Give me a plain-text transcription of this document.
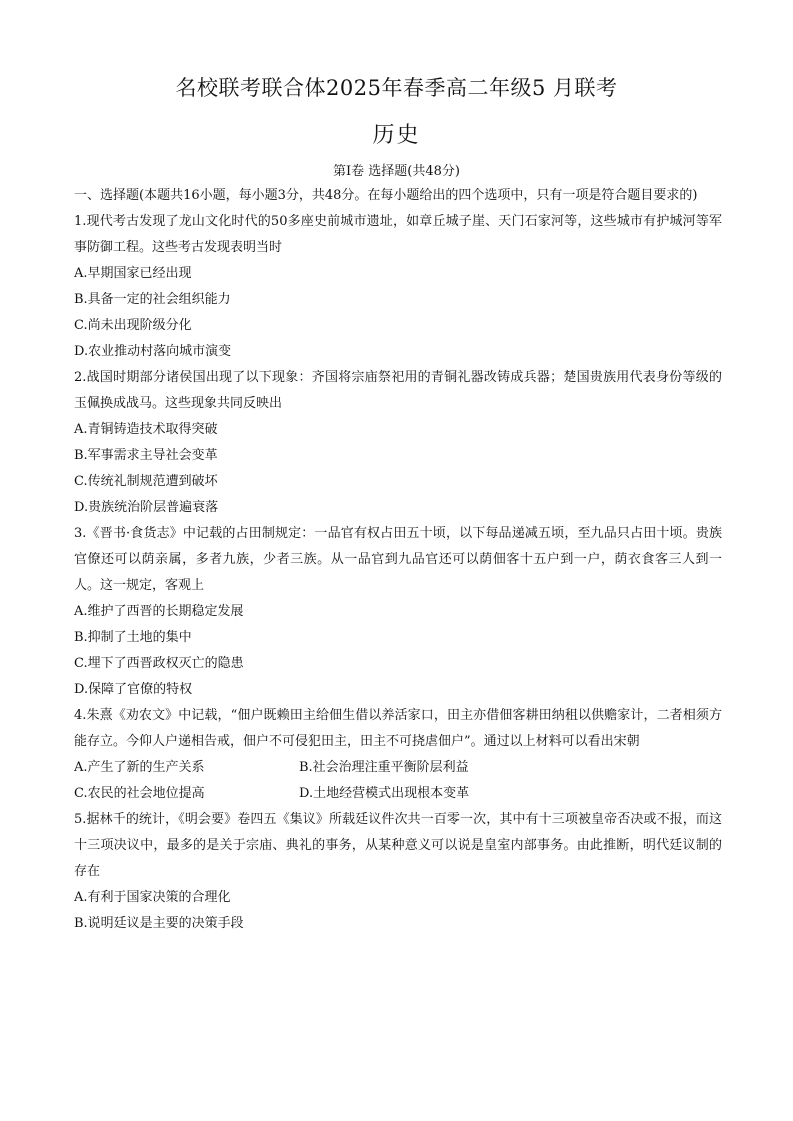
名校联考联合体2025年春季高二年级5 月联考
历史
第Ⅰ卷 选择题(共48分)

一、选择题(本题共16小题，每小题3分，共48分。在每小题给出的四个选项中，只有一项是符合题目要求的)

1.现代考古发现了龙山文化时代的50多座史前城市遗址，如章丘城子崖、天门石家河等，这些城市有护城河等军事防御工程。这些考古发现表明当时

A.早期国家已经出现

B.具备一定的社会组织能力

C.尚未出现阶级分化

D.农业推动村落向城市演变

2.战国时期部分诸侯国出现了以下现象：齐国将宗庙祭祀用的青铜礼器改铸成兵器；楚国贵族用代表身份等级的玉佩换成战马。这些现象共同反映出

A.青铜铸造技术取得突破

B.军事需求主导社会变革

C.传统礼制规范遭到破坏

D.贵族统治阶层普遍衰落

3.《晋书·食货志》中记载的占田制规定：一品官有权占田五十顷，以下每品递减五顷，至九品只占田十顷。贵族官僚还可以荫亲属，多者九族，少者三族。从一品官到九品官还可以荫佃客十五户到一户，荫衣食客三人到一人。这一规定，客观上

A.维护了西晋的长期稳定发展

B.抑制了土地的集中

C.埋下了西晋政权灭亡的隐患

D.保障了官僚的特权

4.朱熹《劝农文》中记载，“佃户既赖田主给佃生借以养活家口，田主亦借佃客耕田纳租以供赡家计，二者相须方能存立。今仰人户递相告戒，佃户不可侵犯田主，田主不可挠虐佃户”。通过以上材料可以看出宋朝

A.产生了新的生产关系	B.社会治理注重平衡阶层利益
C.农民的社会地位提高	D.土地经营模式出现根本变革

5.据林千的统计，《明会要》卷四五《集议》所载廷议件次共一百零一次，其中有十三项被皇帝否决或不报，而这十三项决议中，最多的是关于宗庙、典礼的事务，从某种意义可以说是皇室内部事务。由此推断，明代廷议制的存在

A.有利于国家决策的合理化

B.说明廷议是主要的决策手段
